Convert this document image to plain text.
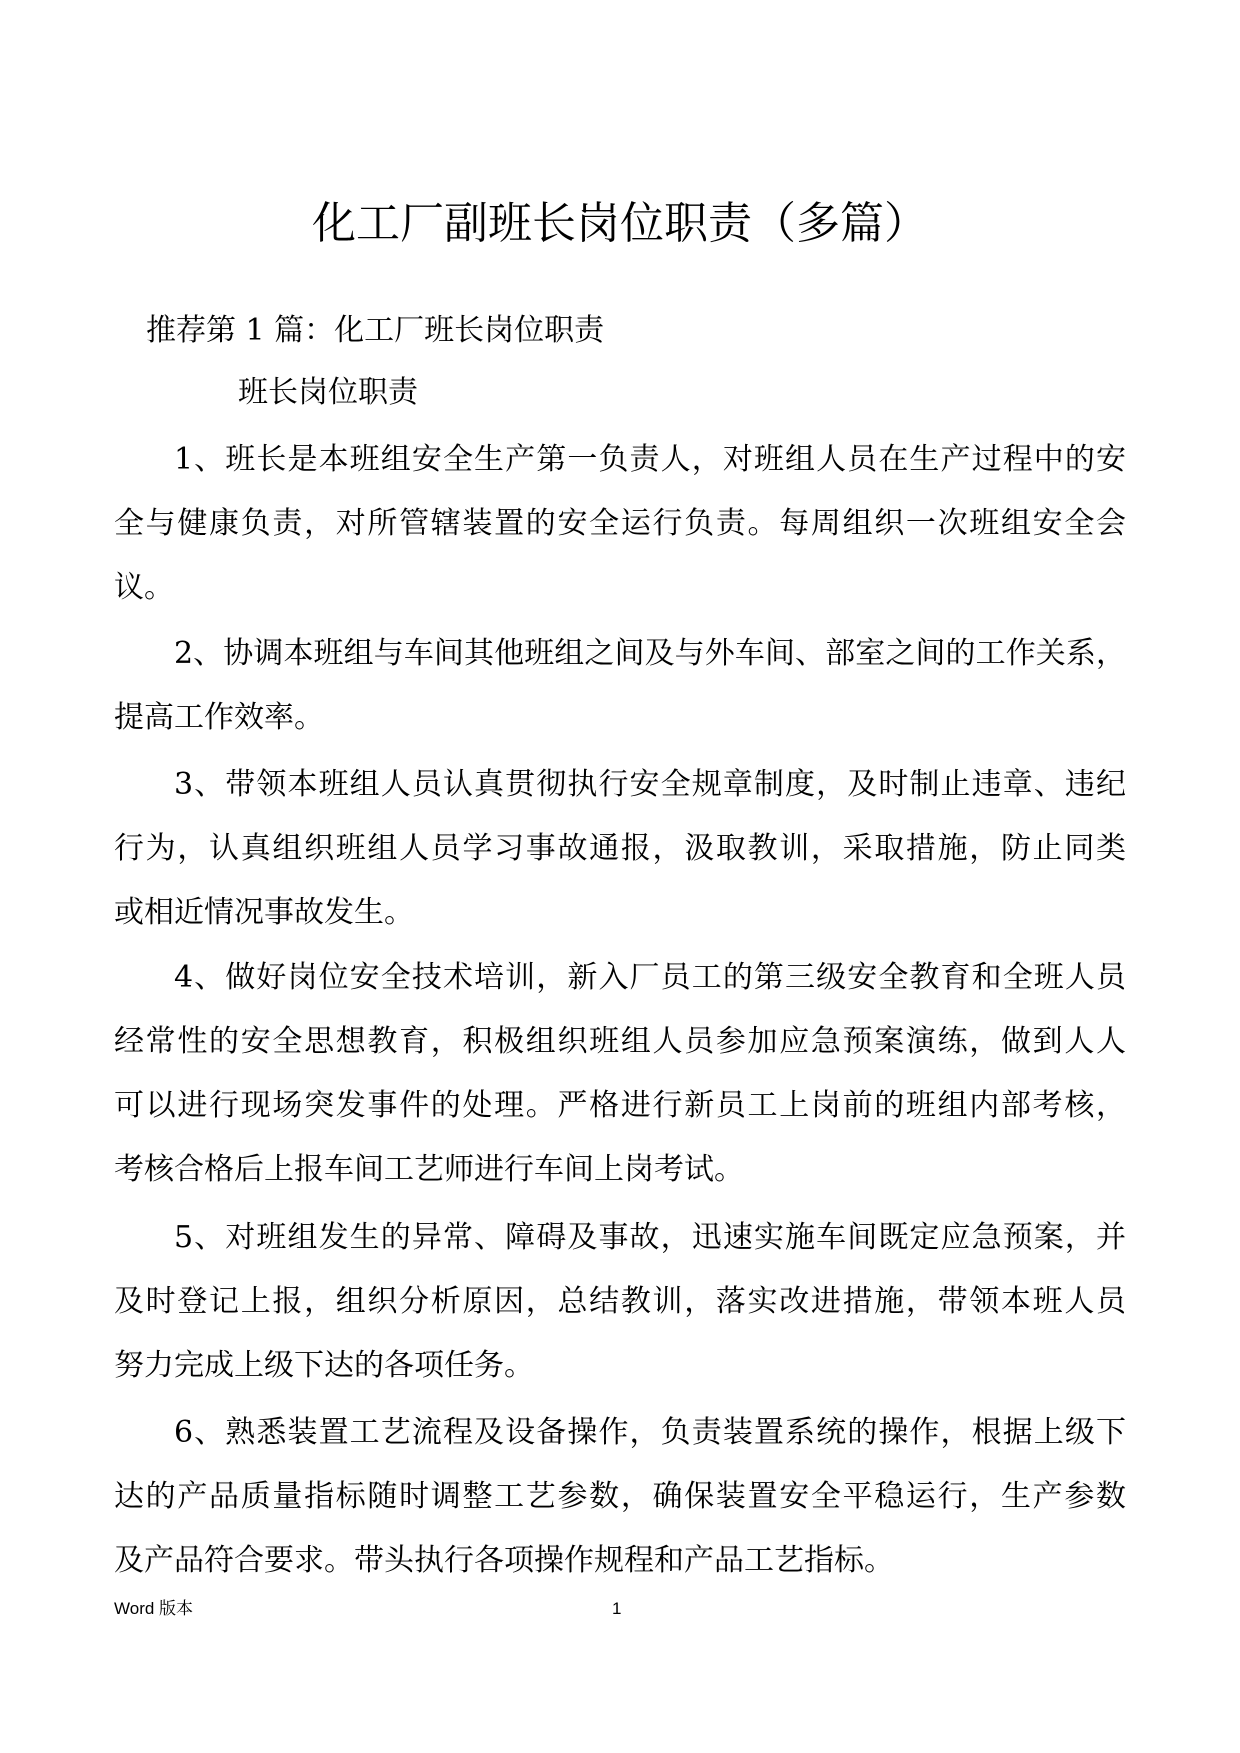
化工厂副班长岗位职责（多篇）
推荐第 1 篇：化工厂班长岗位职责
班长岗位职责
1、班长是本班组安全生产第一负责人，对班组人员在生产过程中的安
全与健康负责，对所管辖装置的安全运行负责。每周组织一次班组安全会
议。
2、协调本班组与车间其他班组之间及与外车间、部室之间的工作关系，
提高工作效率。
3、带领本班组人员认真贯彻执行安全规章制度，及时制止违章、违纪
行为，认真组织班组人员学习事故通报，汲取教训，采取措施，防止同类
或相近情况事故发生。
4、做好岗位安全技术培训，新入厂员工的第三级安全教育和全班人员
经常性的安全思想教育，积极组织班组人员参加应急预案演练，做到人人
可以进行现场突发事件的处理。严格进行新员工上岗前的班组内部考核，
考核合格后上报车间工艺师进行车间上岗考试。
5、对班组发生的异常、障碍及事故，迅速实施车间既定应急预案，并
及时登记上报，组织分析原因，总结教训，落实改进措施，带领本班人员
努力完成上级下达的各项任务。
6、熟悉装置工艺流程及设备操作，负责装置系统的操作，根据上级下
达的产品质量指标随时调整工艺参数，确保装置安全平稳运行，生产参数
及产品符合要求。带头执行各项操作规程和产品工艺指标。
Word 版本	1
